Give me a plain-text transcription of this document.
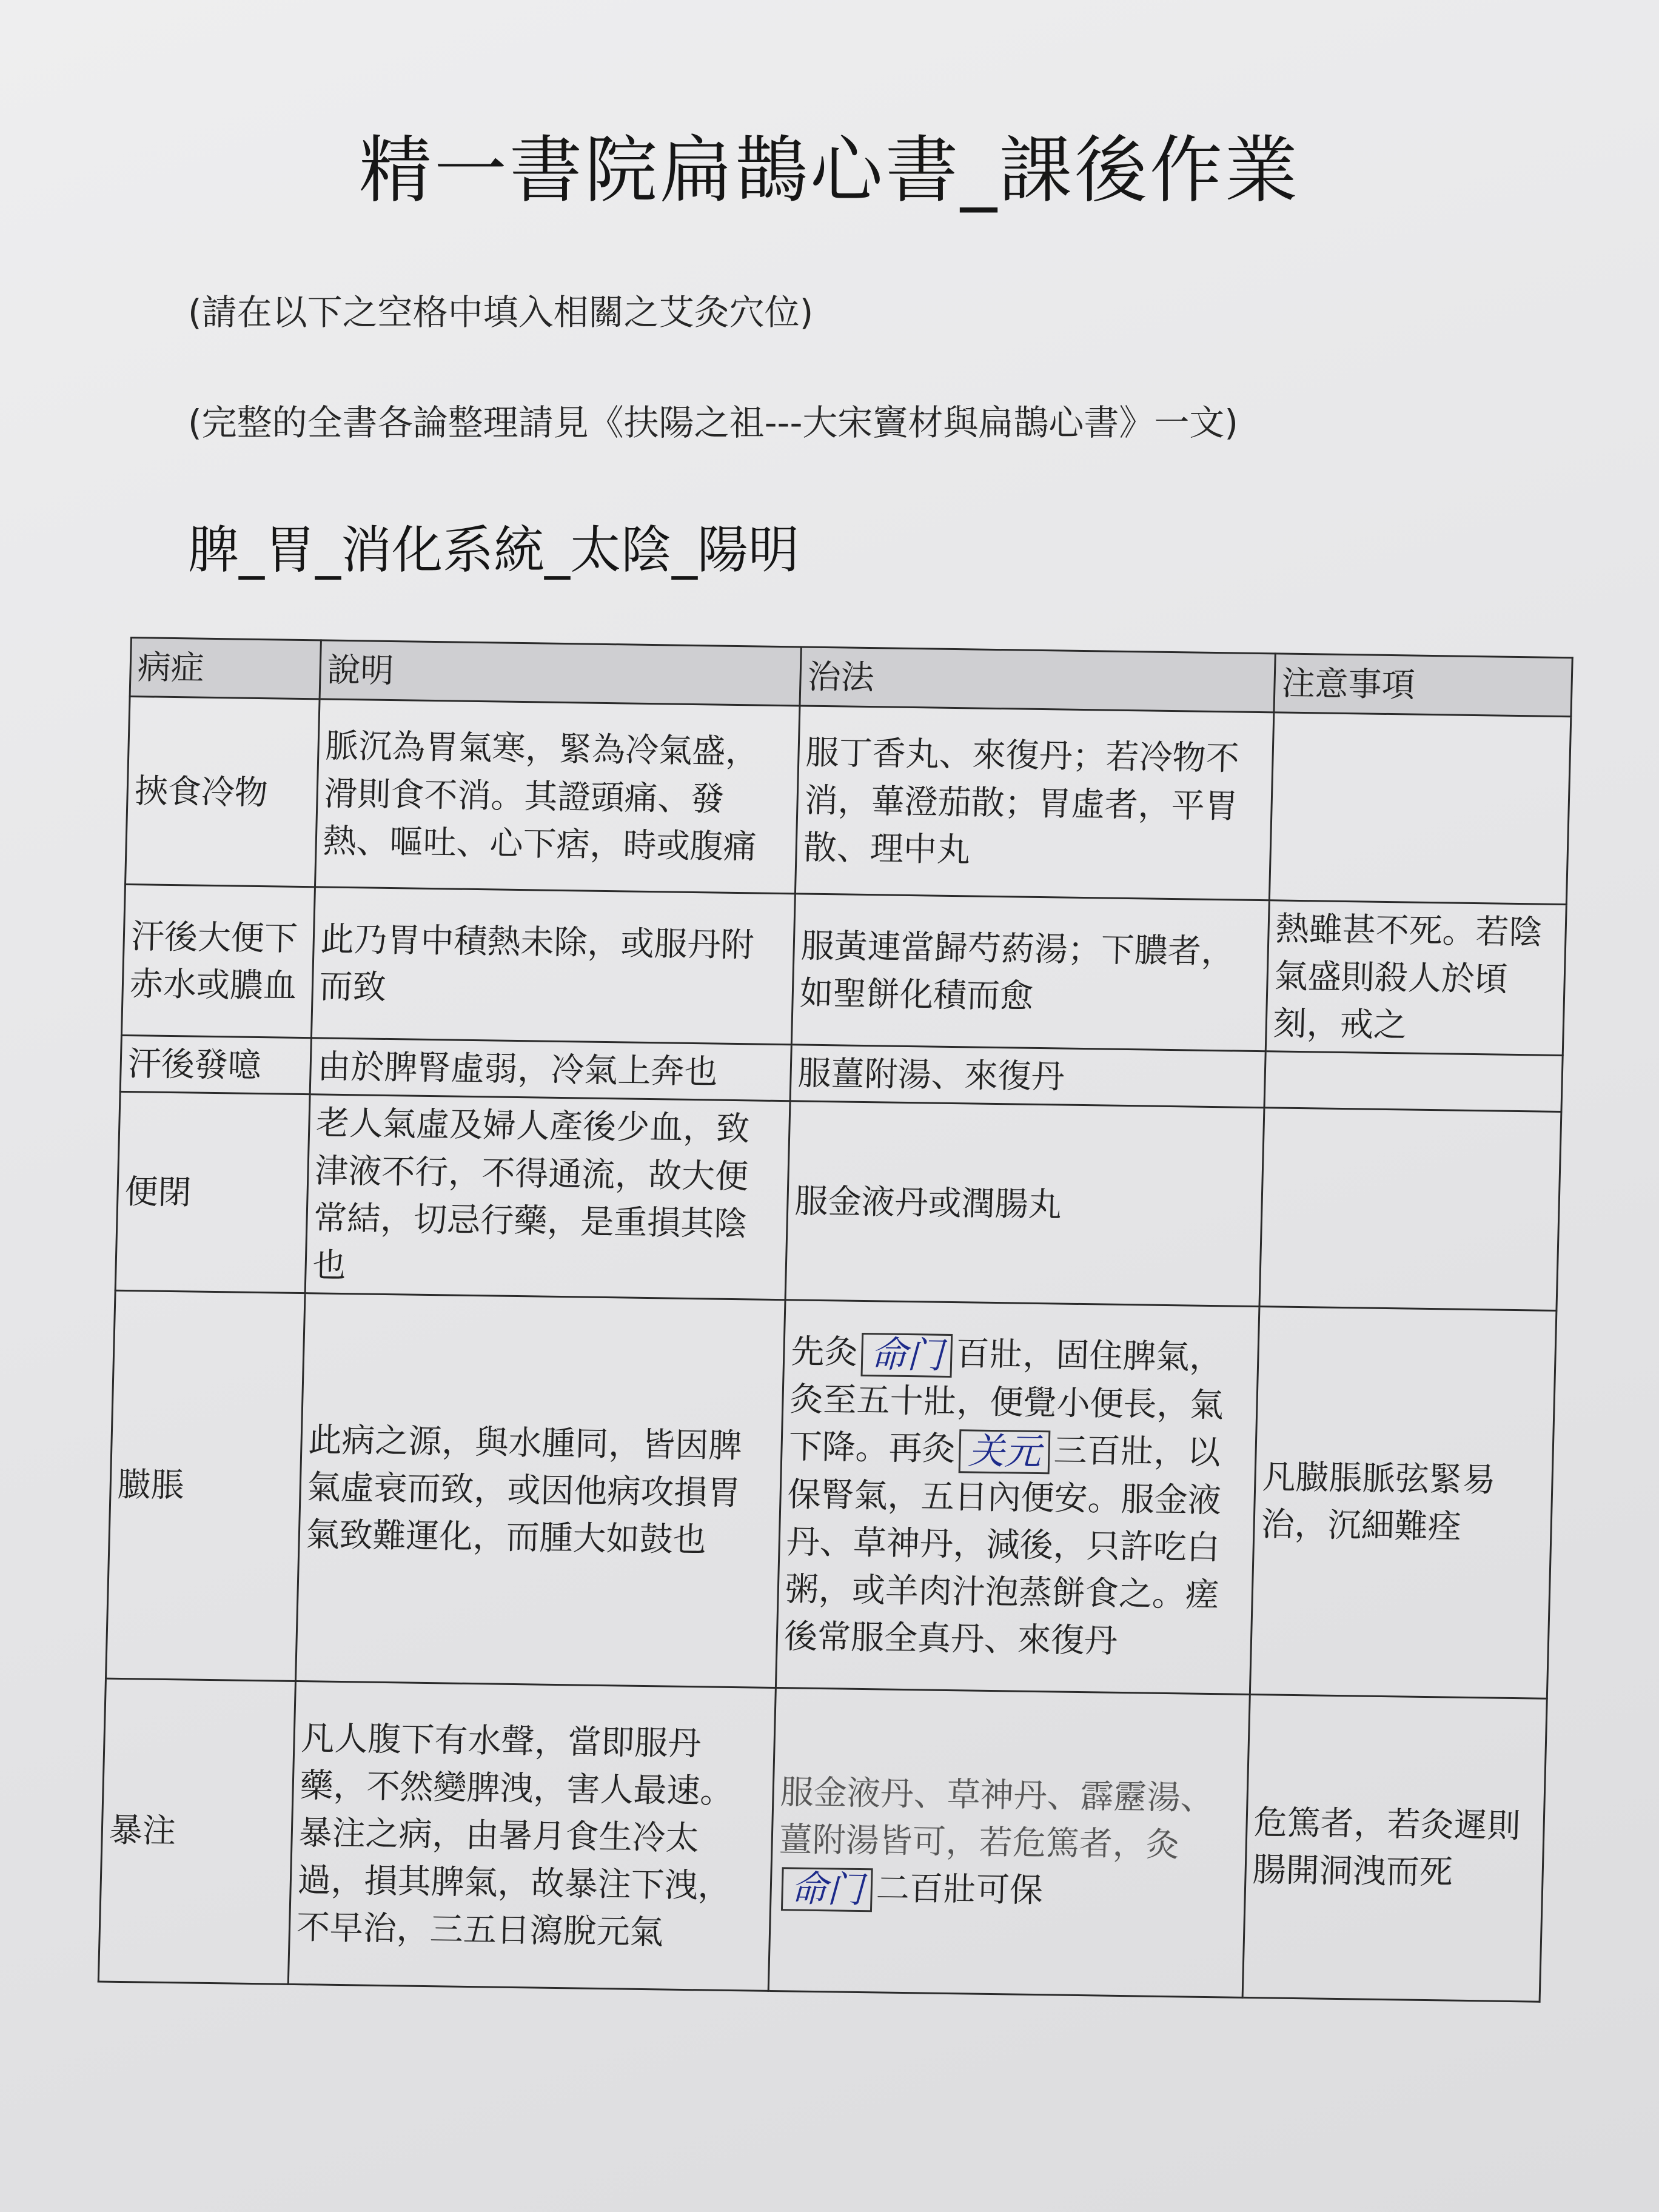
精一書院扁鵲心書_課後作業
(請在以下之空格中填入相關之艾灸穴位)
(完整的全書各論整理請見《扶陽之祖---大宋竇材與扁鵲心書》一文)
脾_胃_消化系統_太陰_陽明
病症	說明	治法	注意事項
挾食冷物	脈沉為胃氣寒，緊為冷氣盛，滑則食不消。其證頭痛、發熱、嘔吐、心下痞，時或腹痛	服丁香丸、來復丹；若冷物不消，蓽澄茄散；胃虛者，平胃散、理中丸	
汗後大便下赤水或膿血	此乃胃中積熱未除，或服丹附而致	服黃連當歸芍葯湯；下膿者，如聖餅化積而愈	熱雖甚不死。若陰氣盛則殺人於頃刻，戒之
汗後發噫	由於脾腎虛弱，冷氣上奔也	服薑附湯、來復丹	
便閉	老人氣虛及婦人產後少血，致津液不行，不得通流，故大便常結，切忌行藥，是重損其陰也	服金液丹或潤腸丸	
臌脹	此病之源，與水腫同，皆因脾氣虛衰而致，或因他病攻損胃氣致難運化，而腫大如鼓也	先灸 命门 百壯，固住脾氣，灸至五十壯，便覺小便長，氣下降。再灸 关元 三百壯，以保腎氣，五日內便安。服金液丹、草神丹，減後，只許吃白粥，或羊肉汁泡蒸餅食之。瘥後常服全真丹、來復丹	凡臌脹脈弦緊易治，沉細難痊
暴注	凡人腹下有水聲，當即服丹藥，不然變脾洩，害人最速。暴注之病，由暑月食生冷太過，損其脾氣，故暴注下洩，不早治，三五日瀉脫元氣	服金液丹、草神丹、霹靂湯、薑附湯皆可，若危篤者，灸命门 二百壯可保	危篤者，若灸遲則腸開洞洩而死
